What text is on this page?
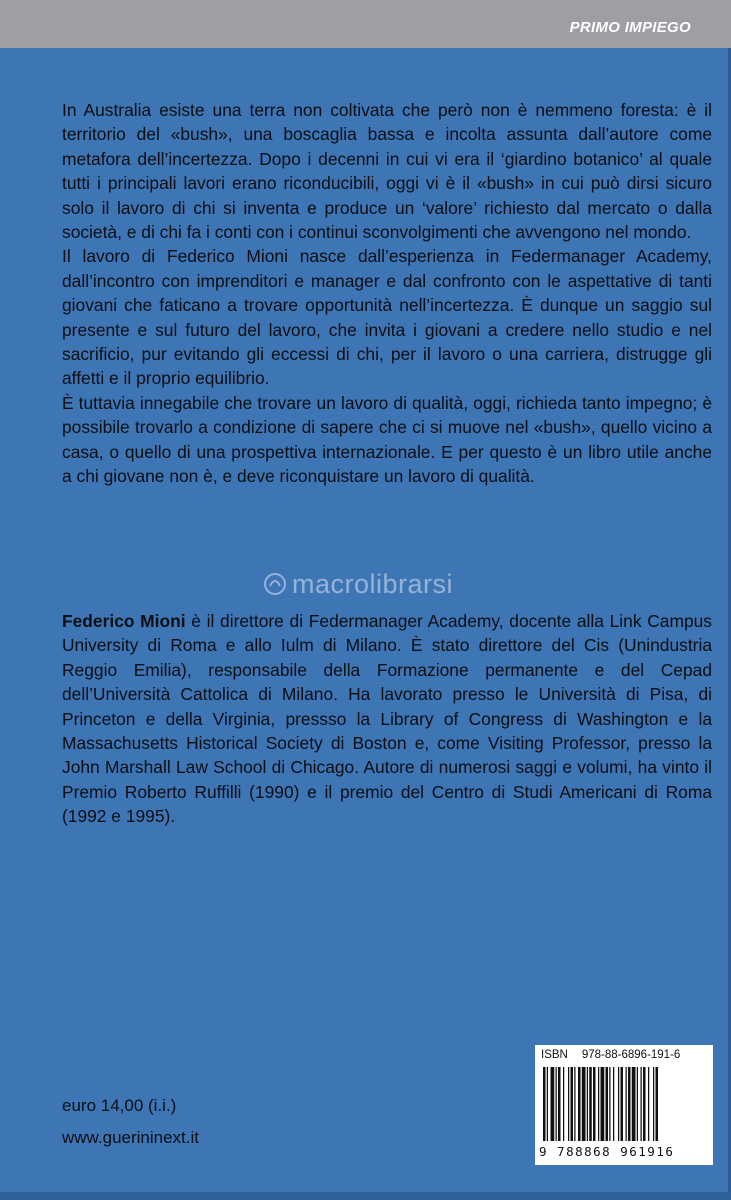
PRIMO IMPIEGO

In Australia esiste una terra non coltivata che però non è nemmeno foresta: è il territorio del «bush», una boscaglia bassa e incolta assunta dall’autore come metafora dell’incertezza. Dopo i decenni in cui vi era il ‘giardino botanico’ al quale tutti i principali lavori erano riconducibili, oggi vi è il «bush» in cui può dirsi sicuro solo il lavoro di chi si inventa e produce un ‘valore’ richiesto dal mercato o dalla società, e di chi fa i conti con i continui sconvolgimenti che avvengono nel mondo.

Il lavoro di Federico Mioni nasce dall’esperienza in Federmanager Academy, dall’incontro con imprenditori e manager e dal confronto con le aspettative di tanti giovani che faticano a trovare opportunità nell’incertezza. È dunque un saggio sul presente e sul futuro del lavoro, che invita i giovani a credere nello studio e nel sacrificio, pur evitando gli eccessi di chi, per il lavoro o una carriera, distrugge gli affetti e il proprio equilibrio.

È tuttavia innegabile che trovare un lavoro di qualità, oggi, richieda tanto impegno; è possibile trovarlo a condizione di sapere che ci si muove nel «bush», quello vicino a casa, o quello di una prospettiva internazionale. E per questo è un libro utile anche a chi giovane non è, e deve riconquistare un lavoro di qualità.

macrolibrarsi

Federico Mioni è il direttore di Federmanager Academy, docente alla Link Campus University di Roma e allo Iulm di Milano. È stato direttore del Cis (Unindustria Reggio Emilia), responsabile della Formazione permanente e del Cepad dell’Università Cattolica di Milano. Ha lavorato presso le Università di Pisa, di Princeton e della Virginia, pressso la Library of Congress di Washington e la Massachusetts Historical Society di Boston e, come Visiting Professor, presso la John Marshall Law School di Chicago. Autore di numerosi saggi e volumi, ha vinto il Premio Roberto Ruffilli (1990) e il premio del Centro di Studi Americani di Roma (1992 e 1995).

euro 14,00 (i.i.)
www.guerininext.it
ISBN 978-88-6896-191-6
9 788868 961916
